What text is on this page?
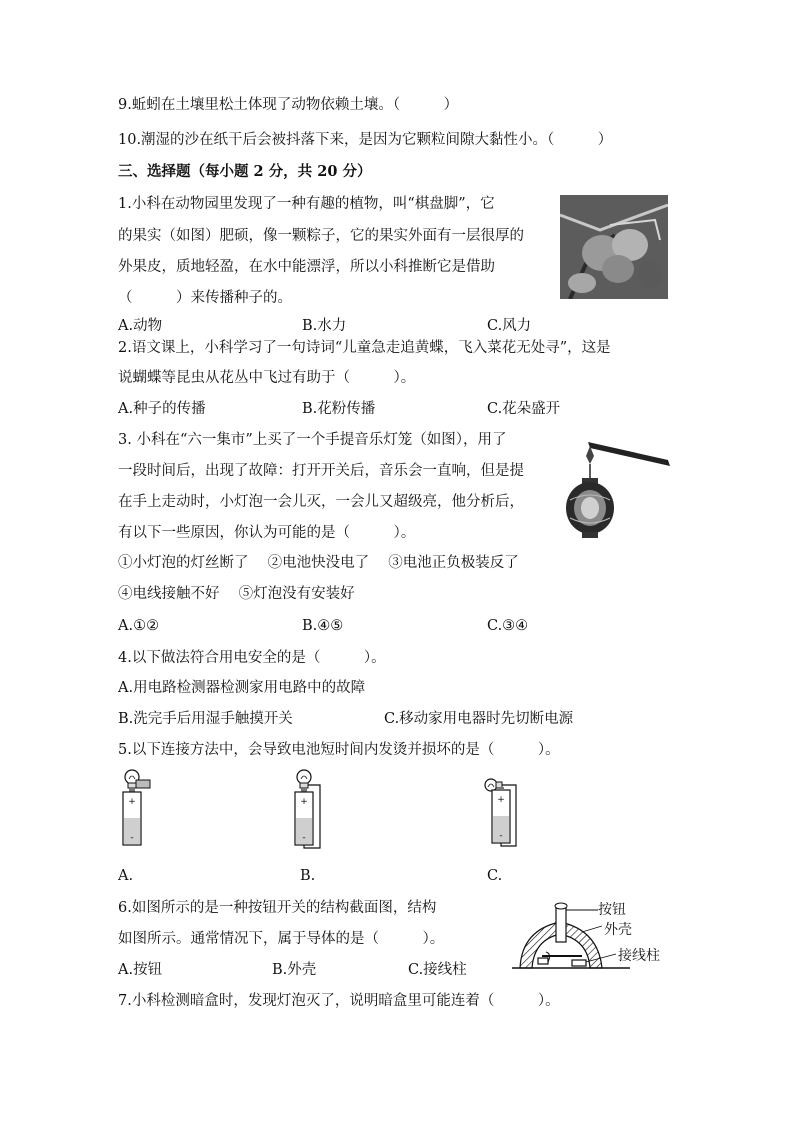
9.蚯蚓在土壤里松土体现了动物依赖土壤。（　　　）
10.潮湿的沙在纸干后会被抖落下来，是因为它颗粒间隙大黏性小。（　　　）
三、选择题（每小题 2 分，共 20 分）
1.小科在动物园里发现了一种有趣的植物，叫“棋盘脚”，它
的果实（如图）肥硕，像一颗粽子，它的果实外面有一层很厚的
外果皮，质地轻盈，在水中能漂浮，所以小科推断它是借助
（　　　）来传播种子的。
A.动物	B.水力	C.风力
2.语文课上，小科学习了一句诗词“儿童急走追黄蝶，飞入菜花无处寻”，这是
说蝴蝶等昆虫从花丛中飞过有助于（　　　）。
A.种子的传播	B.花粉传播	C.花朵盛开
3. 小科在“六一集市”上买了一个手提音乐灯笼（如图），用了
一段时间后，出现了故障：打开开关后，音乐会一直响，但是提
在手上走动时，小灯泡一会儿灭，一会儿又超级亮，他分析后，
有以下一些原因，你认为可能的是（　　　）。
①小灯泡的灯丝断了　 ②电池快没电了　 ③电池正负极装反了
④电线接触不好　 ⑤灯泡没有安装好
A.①②	B.④⑤	C.③④
4.以下做法符合用电安全的是（　　　）。
A.用电路检测器检测家用电路中的故障
B.洗完手后用湿手触摸开关	C.移动家用电器时先切断电源
5.以下连接方法中，会导致电池短时间内发烫并损坏的是（　　　）。
+
-
+
-
+
-
A.	B.	C.
6.如图所示的是一种按钮开关的结构截面图，结构
如图所示。通常情况下，属于导体的是（　　　）。
A.按钮	B.外壳	C.接线柱
按钮
外壳
接线柱
7.小科检测暗盒时，发现灯泡灭了，说明暗盒里可能连着（　　　）。
